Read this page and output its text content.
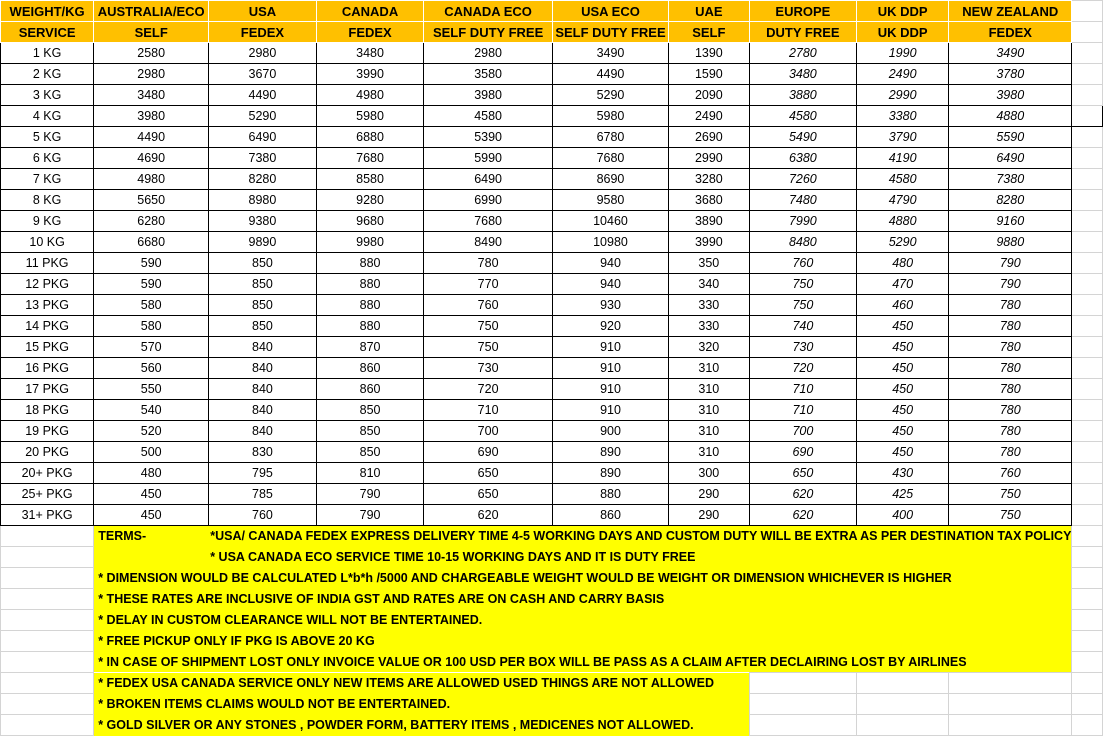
WEIGHT/KG	AUSTRALIA/ECO	USA	CANADA	CANADA ECO	USA ECO	UAE	EUROPE	UK DDP	NEW ZEALAND	
SERVICE	SELF	FEDEX	FEDEX	SELF DUTY FREE	SELF DUTY FREE	SELF	DUTY FREE	UK DDP	FEDEX	
1 KG	2580	2980	3480	2980	3490	1390	2780	1990	3490	
2 KG	2980	3670	3990	3580	4490	1590	3480	2490	3780	
3 KG	3480	4490	4980	3980	5290	2090	3880	2990	3980	
4 KG	3980	5290	5980	4580	5980	2490	4580	3380	4880	
5 KG	4490	6490	6880	5390	6780	2690	5490	3790	5590	
6 KG	4690	7380	7680	5990	7680	2990	6380	4190	6490	
7 KG	4980	8280	8580	6490	8690	3280	7260	4580	7380	
8 KG	5650	8980	9280	6990	9580	3680	7480	4790	8280	
9 KG	6280	9380	9680	7680	10460	3890	7990	4880	9160	
10 KG	6680	9890	9980	8490	10980	3990	8480	5290	9880	
11 PKG	590	850	880	780	940	350	760	480	790	
12 PKG	590	850	880	770	940	340	750	470	790	
13 PKG	580	850	880	760	930	330	750	460	780	
14 PKG	580	850	880	750	920	330	740	450	780	
15 PKG	570	840	870	750	910	320	730	450	780	
16 PKG	560	840	860	730	910	310	720	450	780	
17 PKG	550	840	860	720	910	310	710	450	780	
18 PKG	540	840	850	710	910	310	710	450	780	
19 PKG	520	840	850	700	900	310	700	450	780	
20 PKG	500	830	850	690	890	310	690	450	780	
20+ PKG	480	795	810	650	890	300	650	430	760	
25+ PKG	450	785	790	650	880	290	620	425	750	
31+ PKG	450	760	790	620	860	290	620	400	750	
	TERMS- *USA/ CANADA FEDEX EXPRESS DELIVERY TIME 4-5 WORKING DAYS AND CUSTOM DUTY WILL BE EXTRA AS PER DESTINATION TAX POLICY									
	* USA CANADA ECO SERVICE TIME 10-15 WORKING DAYS AND IT IS DUTY FREE									
	* DIMENSION WOULD BE CALCULATED L*b*h /5000 AND CHARGEABLE WEIGHT WOULD BE WEIGHT OR DIMENSION WHICHEVER IS HIGHER									
	* THESE RATES ARE INCLUSIVE OF INDIA GST AND RATES ARE ON CASH AND CARRY BASIS									
	* DELAY IN CUSTOM CLEARANCE WILL NOT BE ENTERTAINED.									
	* FREE PICKUP ONLY IF PKG IS ABOVE 20 KG									
	* IN CASE OF SHIPMENT LOST ONLY INVOICE VALUE OR 100 USD PER BOX WILL BE PASS AS A CLAIM AFTER DECLAIRING LOST BY AIRLINES									
	* FEDEX USA CANADA SERVICE ONLY NEW ITEMS ARE ALLOWED USED THINGS ARE NOT ALLOWED									
	* BROKEN ITEMS CLAIMS WOULD NOT BE ENTERTAINED.									
	* GOLD SILVER OR ANY STONES , POWDER FORM, BATTERY ITEMS , MEDICENES NOT ALLOWED.									
